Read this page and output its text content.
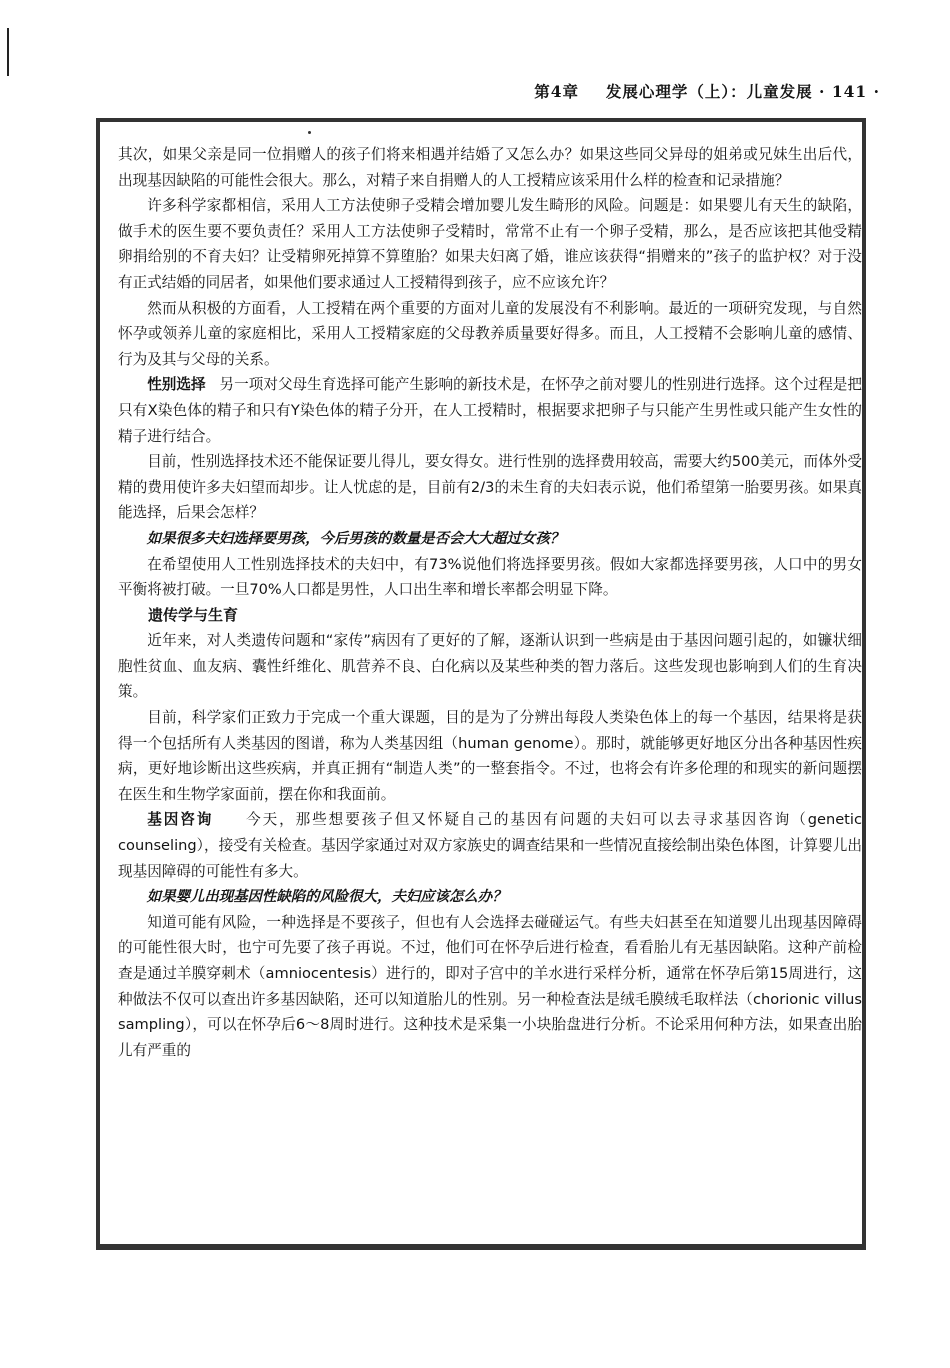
第4章 发展心理学（上）：儿童发展 · 141 ·

其次，如果父亲是同一位捐赠人的孩子们将来相遇并结婚了又怎么办？如果这些同父异母的姐弟或兄妹生出后代，出现基因缺陷的可能性会很大。那么，对精子来自捐赠人的人工授精应该采用什么样的检查和记录措施？

许多科学家都相信，采用人工方法使卵子受精会增加婴儿发生畸形的风险。问题是：如果婴儿有天生的缺陷，做手术的医生要不要负责任？采用人工方法使卵子受精时，常常不止有一个卵子受精，那么，是否应该把其他受精卵捐给别的不育夫妇？让受精卵死掉算不算堕胎？如果夫妇离了婚，谁应该获得“捐赠来的”孩子的监护权？对于没有正式结婚的同居者，如果他们要求通过人工授精得到孩子，应不应该允许？

然而从积极的方面看，人工授精在两个重要的方面对儿童的发展没有不利影响。最近的一项研究发现，与自然怀孕或领养儿童的家庭相比，采用人工授精家庭的父母教养质量要好得多。而且，人工授精不会影响儿童的感情、行为及其与父母的关系。

性别选择 另一项对父母生育选择可能产生影响的新技术是，在怀孕之前对婴儿的性别进行选择。这个过程是把只有X染色体的精子和只有Y染色体的精子分开，在人工授精时，根据要求把卵子与只能产生男性或只能产生女性的精子进行结合。

目前，性别选择技术还不能保证要儿得儿，要女得女。进行性别的选择费用较高，需要大约500美元，而体外受精的费用使许多夫妇望而却步。让人忧虑的是，目前有2/3的未生育的夫妇表示说，他们希望第一胎要男孩。如果真能选择，后果会怎样？

如果很多夫妇选择要男孩，今后男孩的数量是否会大大超过女孩？

在希望使用人工性别选择技术的夫妇中，有73%说他们将选择要男孩。假如大家都选择要男孩，人口中的男女平衡将被打破。一旦70%人口都是男性，人口出生率和增长率都会明显下降。

遗传学与生育

近年来，对人类遗传问题和“家传”病因有了更好的了解，逐渐认识到一些病是由于基因问题引起的，如镰状细胞性贫血、血友病、囊性纤维化、肌营养不良、白化病以及某些种类的智力落后。这些发现也影响到人们的生育决策。

目前，科学家们正致力于完成一个重大课题，目的是为了分辨出每段人类染色体上的每一个基因，结果将是获得一个包括所有人类基因的图谱，称为人类基因组（human genome）。那时，就能够更好地区分出各种基因性疾病，更好地诊断出这些疾病，并真正拥有“制造人类”的一整套指令。不过，也将会有许多伦理的和现实的新问题摆在医生和生物学家面前，摆在你和我面前。

基因咨询 今天，那些想要孩子但又怀疑自己的基因有问题的夫妇可以去寻求基因咨询（genetic counseling），接受有关检查。基因学家通过对双方家族史的调查结果和一些情况直接绘制出染色体图，计算婴儿出现基因障碍的可能性有多大。

如果婴儿出现基因性缺陷的风险很大，夫妇应该怎么办？

知道可能有风险，一种选择是不要孩子，但也有人会选择去碰碰运气。有些夫妇甚至在知道婴儿出现基因障碍的可能性很大时，也宁可先要了孩子再说。不过，他们可在怀孕后进行检查，看看胎儿有无基因缺陷。这种产前检查是通过羊膜穿刺术（amniocentesis）进行的，即对子宫中的羊水进行采样分析，通常在怀孕后第15周进行，这种做法不仅可以查出许多基因缺陷，还可以知道胎儿的性别。另一种检查法是绒毛膜绒毛取样法（chorionic villus sampling），可以在怀孕后6～8周时进行。这种技术是采集一小块胎盘进行分析。不论采用何种方法，如果查出胎儿有严重的
